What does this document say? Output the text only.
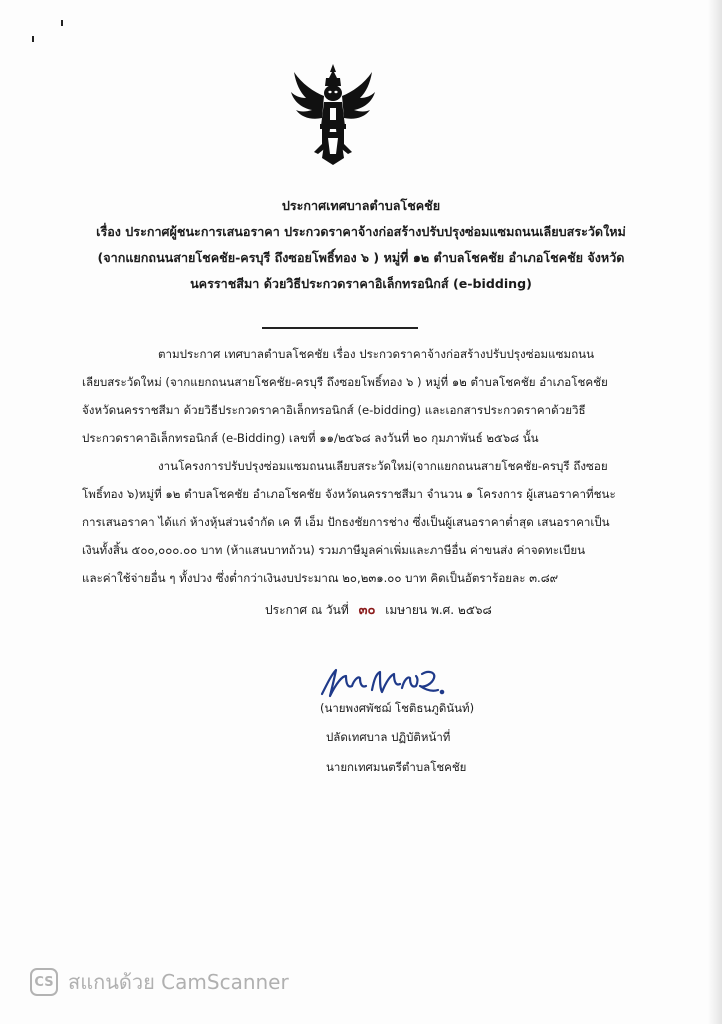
ประกาศเทศบาลตำบลโชคชัย
เรื่อง ประกาศผู้ชนะการเสนอราคา ประกวดราคาจ้างก่อสร้างปรับปรุงซ่อมแซมถนนเลียบสระวัดใหม่
(จากแยกถนนสายโชคชัย-ครบุรี ถึงซอยโพธิ์ทอง ๖ ) หมู่ที่ ๑๒ ตำบลโชคชัย อำเภอโชคชัย จังหวัด
นครราชสีมา ด้วยวิธีประกวดราคาอิเล็กทรอนิกส์ (e-bidding)
ตามประกาศ เทศบาลตำบลโชคชัย เรื่อง ประกวดราคาจ้างก่อสร้างปรับปรุงซ่อมแซมถนน
เลียบสระวัดใหม่ (จากแยกถนนสายโชคชัย-ครบุรี ถึงซอยโพธิ์ทอง ๖ ) หมู่ที่ ๑๒ ตำบลโชคชัย อำเภอโชคชัย
จังหวัดนครราชสีมา ด้วยวิธีประกวดราคาอิเล็กทรอนิกส์ (e-bidding) และเอกสารประกวดราคาด้วยวิธี
ประกวดราคาอิเล็กทรอนิกส์ (e-Bidding) เลขที่ ๑๑/๒๕๖๘ ลงวันที่ ๒๐ กุมภาพันธ์ ๒๕๖๘ นั้น
งานโครงการปรับปรุงซ่อมแซมถนนเลียบสระวัดใหม่(จากแยกถนนสายโชคชัย-ครบุรี ถึงซอย
โพธิ์ทอง ๖)หมู่ที่ ๑๒ ตำบลโชคชัย อำเภอโชคชัย จังหวัดนครราชสีมา จำนวน ๑ โครงการ ผู้เสนอราคาที่ชนะ
การเสนอราคา ได้แก่ ห้างหุ้นส่วนจำกัด เค ที เอ็ม ปักธงชัยการช่าง ซึ่งเป็นผู้เสนอราคาต่ำสุด เสนอราคาเป็น
เงินทั้งสิ้น ๕๐๐,๐๐๐.๐๐ บาท (ห้าแสนบาทถ้วน) รวมภาษีมูลค่าเพิ่มและภาษีอื่น ค่าขนส่ง ค่าจดทะเบียน
และค่าใช้จ่ายอื่น ๆ ทั้งปวง ซึ่งต่ำกว่าเงินงบประมาณ ๒๐,๒๓๑.๐๐ บาท คิดเป็นอัตราร้อยละ ๓.๘๙
ประกาศ ณ วันที่ ๓๐ เมษายน พ.ศ. ๒๕๖๘
(นายพงศพัชฌ์ โชติธนภูดินันท์)
ปลัดเทศบาล ปฏิบัติหน้าที่
นายกเทศมนตรีตำบลโชคชัย
CS สแกนด้วย CamScanner
